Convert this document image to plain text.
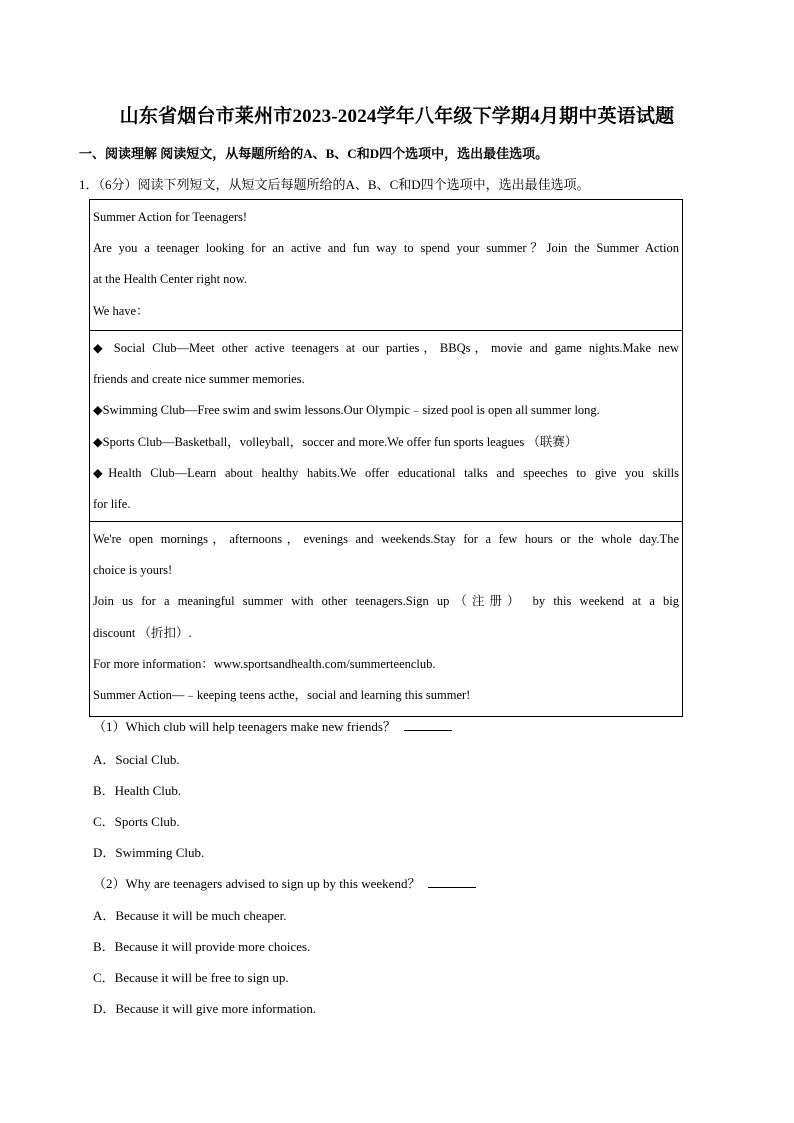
山东省烟台市莱州市2023-2024学年八年级下学期4月期中英语试题
一、阅读理解 阅读短文，从每题所给的A、B、C和D四个选项中，选出最佳选项。
1．（6分）阅读下列短文，从短文后每题所给的A、B、C和D四个选项中，选出最佳选项。
Summer Action for Teenagers!
Are you a teenager looking for an active and fun way to spend your summer？Join the Summer Action
at the Health Center right now.
We have：
◆ Social Club—Meet other active teenagers at our parties，BBQs，movie and game nights.Make new
friends and create nice summer memories.
◆Swimming Club—Free swim and swim lessons.Our Olympic﹣sized pool is open all summer long.
◆Sports Club—Basketball，volleyball，soccer and more.We offer fun sports leagues （联赛）
◆Health Club—Learn about healthy habits.We offer educational talks and speeches to give you skills
for life.
We're open mornings，afternoons，evenings and weekends.Stay for a few hours or the whole day.The
choice is yours!
Join us for a meaningful summer with other teenagers.Sign up（注册） by this weekend at a big
discount （折扣）.
For more information：www.sportsandhealth.com/summerteenclub.
Summer Action—﹣keeping teens acthe，social and learning this summer!
（1）Which club will help teenagers make new friends？
A．Social Club.
B．Health Club.
C．Sports Club.
D．Swimming Club.
（2）Why are teenagers advised to sign up by this weekend？
A．Because it will be much cheaper.
B．Because it will provide more choices.
C．Because it will be free to sign up.
D．Because it will give more information.
